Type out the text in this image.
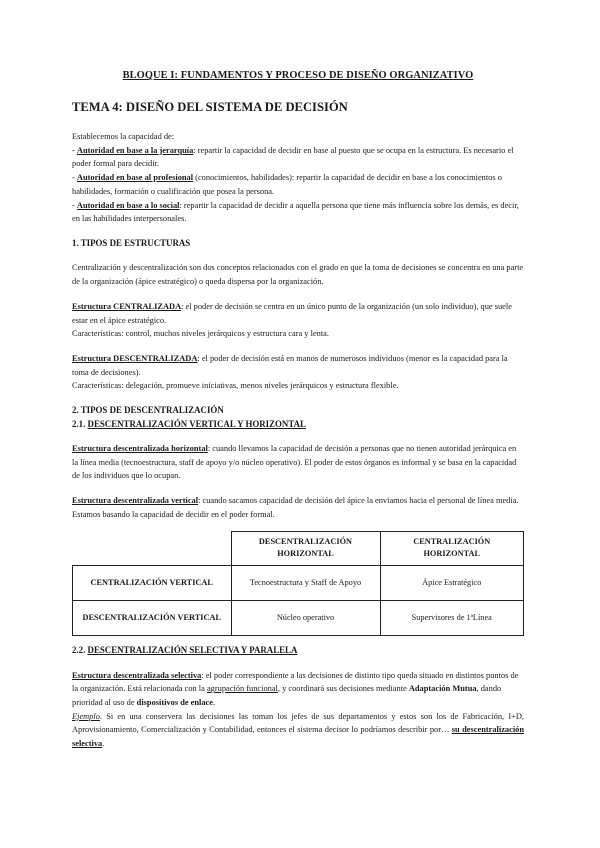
BLOQUE I: FUNDAMENTOS Y PROCESO DE DISEÑO ORGANIZATIVO
TEMA 4: DISEÑO DEL SISTEMA DE DECISIÓN

Establecemos la capacidad de:

- Autoridad en base a la jerarquía: repartir la capacidad de decidir en base al puesto que se ocupa en la estructura. Es necesario el poder formal para decidir.

- Autoridad en base al profesional (conocimientos, habilidades): repartir la capacidad de decidir en base a los conocimientos o habilidades, formación o cualificación que posea la persona.

- Autoridad en base a lo social: repartir la capacidad de decidir a aquella persona que tiene más influencia sobre los demás, es decir, en las habilidades interpersonales.

1. TIPOS DE ESTRUCTURAS

Centralización y descentralización son dos conceptos relacionados con el grado en que la toma de decisiones se concentra en una parte de la organización (ápice estratégico) o queda dispersa por la organización.

Estructura CENTRALIZADA: el poder de decisión se centra en un único punto de la organización (un solo individuo), que suele estar en el ápice estratégico.

Características: control, muchos niveles jerárquicos y estructura cara y lenta.

Estructura DESCENTRALIZADA: el poder de decisión está en manos de numerosos individuos (menor es la capacidad para la toma de decisiones).

Características: delegación, promueve iniciativas, menos niveles jerárquicos y estructura flexible.

2. TIPOS DE DESCENTRALIZACIÓN
2.1. DESCENTRALIZACIÓN VERTICAL Y HORIZONTAL

Estructura descentralizada horizontal: cuando llevamos la capacidad de decisión a personas que no tienen autoridad jerárquica en la línea media (tecnoestructura, staff de apoyo y/o núcleo operativo). El poder de estos órganos es informal y se basa en la capacidad de los individuos que lo ocupan.

Estructura descentralizada vertical: cuando sacamos capacidad de decisión del ápice la enviamos hacia el personal de línea media. Estamos basando la capacidad de decidir en el poder formal.

	DESCENTRALIZACIÓN HORIZONTAL	CENTRALIZACIÓN HORIZONTAL
CENTRALIZACIÓN VERTICAL	Tecnoestructura y Staff de Apoyo	Ápice Estratégico
DESCENTRALIZACIÓN VERTICAL	Núcleo operativo	Supervisores de 1ªLínea
2.2. DESCENTRALIZACIÓN SELECTIVA Y PARALELA

Estructura descentralizada selectiva: el poder correspondiente a las decisiones de distinto tipo queda situado en distintos puntos de la organización. Está relacionada con la agrupación funcional, y coordinará sus decisiones mediante Adaptación Mutua, dando prioridad al uso de dispositivos de enlace.

Ejemplo. Si en una conservera las decisiones las toman los jefes de sus departamentos y estos son los de Fabricación, I+D, Aprovisionamiento, Comercialización y Contabilidad, entonces el sistema decisor lo podríamos describir por… su descentralización selectiva.
